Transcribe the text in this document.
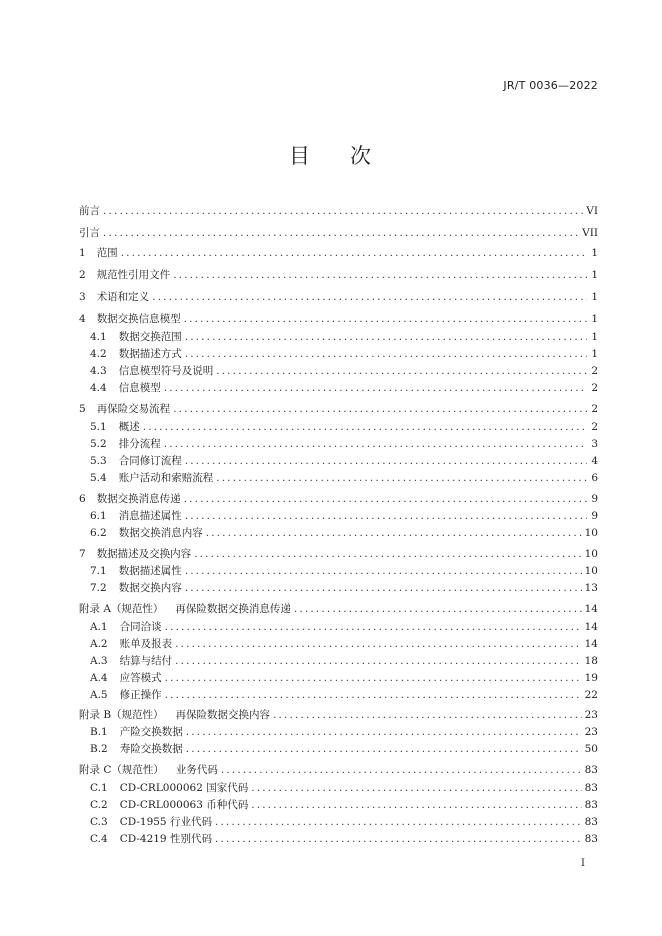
JR/T 0036—2022
目 次
前言 .....	VI
引言 .....	VII
1 范围 .....	1
2 规范性引用文件 .....	1
3 术语和定义 .....	1
4 数据交换信息模型 .....	1
4.1 数据交换范围 .....	1
4.2 数据描述方式 .....	1
4.3 信息模型符号及说明 .....	2
4.4 信息模型 .....	2
5 再保险交易流程 .....	2
5.1 概述 .....	2
5.2 排分流程 .....	3
5.3 合同修订流程 .....	4
5.4 账户活动和索赔流程 .....	6
6 数据交换消息传递 .....	9
6.1 消息描述属性 .....	9
6.2 数据交换消息内容 .....	10
7 数据描述及交换内容 .....	10
7.1 数据描述属性 .....	10
7.2 数据交换内容 .....	13
附录 A（规范性） 再保险数据交换消息传递 .....	14
A.1 合同洽谈 .....	14
A.2 账单及报表 .....	14
A.3 结算与结付 .....	18
A.4 应答模式 .....	19
A.5 修正操作 .....	22
附录 B（规范性） 再保险数据交换内容 .....	23
B.1 产险交换数据 .....	23
B.2 寿险交换数据 .....	50
附录 C（规范性） 业务代码 .....	83
C.1 CD-CRL000062 国家代码 .....	83
C.2 CD-CRL000063 币种代码 .....	83
C.3 CD-1955 行业代码 .....	83
C.4 CD-4219 性别代码 .....	83
I
